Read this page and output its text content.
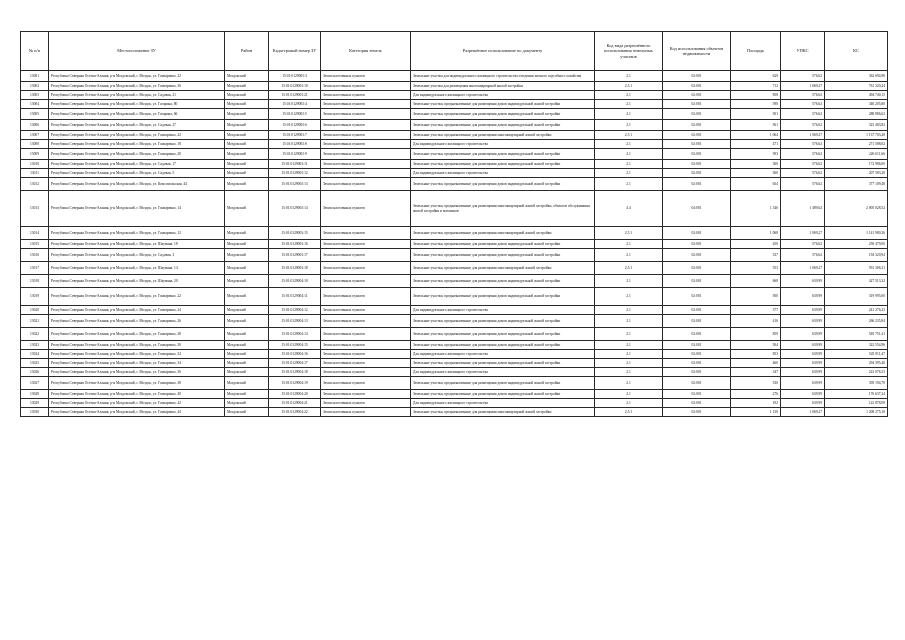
№ п/п	Местоположение ЗУ	Район	Кадастровый номер ЗУ	Категория земель	Разрешённое использование по документу	Код вида разрешённого использования земельных участков	Код использования объектов недвижимости	Площадь	УПКС	КС
13001	Республика Северная Осетия-Алания, р-н Моздокский, г. Моздок, ул. Гончаренко, 32	Моздокский	15:01:0129003:3	Земли населенных пунктов	Земельные участки для индивидуального жилищного строительства и ведения личного подсобного хозяйства	2.1	02:001	629	576,62	362 694,98
13002	Республика Северная Осетия-Алания, р-н Моздокский, г. Моздок, ул. Гончаренко, 36	Моздокский	15:01:0129003:10	Земли населенных пунктов	Земельные участки для размещения многоквартирной жилой застройки	2.5.1	02:001	712	1 069,27	761 320,24
13003	Республика Северная Осетия-Алания, р-н Моздокский, г. Моздок, ул. Садовая, 21	Моздокский	15:01:0129003:21	Земли населенных пунктов	Для индивидуального жилищного строительства	2.1	02:001	858	576,62	494 740,15
13004	Республика Северная Осетия-Алания, р-н Моздокский, г. Моздок, ул. Гагарина, 80	Моздокский	15:01:0129003:4	Земли населенных пунктов	Земельные участки, предназначенные для размещения домов индивидуальной жилой застройки	2.1	02:001	590	576,62	340 205,80
13005	Республика Северная Осетия-Алания, р-н Моздокский, г. Моздок, ул. Гагарина, 66	Моздокский	15:01:0129003:5	Земли населенных пунктов	Земельные участки, предназначенные для размещения домов индивидуальной жилой застройки	2.1	02:001	501	576,62	288 886,62
13006	Республика Северная Осетия-Алания, р-н Моздокский, г. Моздок, ул. Садовая, 27	Моздокский	15:01:0129003:6	Земли населенных пунктов	Земельные участки, предназначенные для размещения домов индивидуальной жилой застройки	2.1	02:001	561	576,62	323 483,82
13007	Республика Северная Осетия-Алания, р-н Моздокский, г. Моздок, ул. Гончаренко, 22	Моздокский	15:01:0129003:7	Земли населенных пунктов	Земельные участки, предназначенные для размещения многоквартирной жилой застройки	2.5.1	02:001	1 064	1 069,27	1 137 703,28
13008	Республика Северная Осетия-Алания, р-н Моздокский, г. Моздок, ул. Гончаренко, 18	Моздокский	15:01:0129003:8	Земли населенных пунктов	Для индивидуального жилищного строительства	2.1	02:001	471	576,62	271 588,02
13009	Республика Северная Осетия-Алания, р-н Моздокский, г. Моздок, ул. Гончаренко, 20	Моздокский	15:01:0129003:9	Земли населенных пунктов	Земельные участки, предназначенные для размещения домов индивидуальной жилой застройки	2.1	02:001	393	576,62	226 611,66
13010	Республика Северная Осетия-Алания, р-н Моздокский, г. Моздок, ул. Садовая, 17	Моздокский	15:01:0129003:11	Земли населенных пунктов	Земельные участки, предназначенные для размещения домов индивидуальной жилой застройки	2.1	02:001	300	576,62	172 986,00
13011	Республика Северная Осетия-Алания, р-н Моздокский, г. Моздок, ул. Садовая, 5	Моздокский	15:01:0129003:12	Земли населенных пунктов	Для индивидуального жилищного строительства	2.1	02:001	360	576,62	207 583,20
13012	Республика Северная Осетия-Алания, р-н Моздокский, г. Моздок, ул. Комсомольская, 44	Моздокский	15:01:0129003:13	Земли населенных пунктов	Земельные участки, предназначенные для размещения домов индивидуальной жилой застройки	2.1	02:001	654	576,62	377 109,48
13013	Республика Северная Осетия-Алания, р-н Моздокский, г. Моздок, ул. Гончаренко, 14	Моздокский	15:01:0129003:14	Земли населенных пунктов	Земельные участки, предназначенные для размещения многоквартирной жилой застройки, объектов обслуживания жилой застройки и магазинов	4.4	04:001	1 346	1 489,62	2 005 028,52
13014	Республика Северная Осетия-Алания, р-н Моздокский, г. Моздок, ул. Гончаренко, 12	Моздокский	15:01:0129003:15	Земли населенных пунктов	Земельные участки, предназначенные для размещения многоквартирной жилой застройки	2.5.1	02:001	1 068	1 069,27	1 141 980,36
13015	Республика Северная Осетия-Алания, р-н Моздокский, г. Моздок, ул. Шаумяна, 18	Моздокский	15:01:0129003:16	Земли населенных пунктов	Земельные участки, предназначенные для размещения домов индивидуальной жилой застройки	2.1	02:001	450	576,62	259 479,00
13016	Республика Северная Осетия-Алания, р-н Моздокский, г. Моздок, ул. Садовая, 3	Моздокский	15:01:0129003:17	Земли населенных пунктов	Земельные участки, предназначенные для размещения домов индивидуальной жилой застройки	2.1	02:001	337	576,62	194 320,94
13017	Республика Северная Осетия-Алания, р-н Моздокский, г. Моздок, ул. Шаумяна, 14	Моздокский	15:01:0129003:18	Земли населенных пунктов	Земельные участки, предназначенные для размещения многоквартирной жилой застройки	2.5.1	02:001	553	1 069,27	591 306,31
13018	Республика Северная Осетия-Алания, р-н Моздокский, г. Моздок, ул. Шаумяна, 20	Моздокский	15:01:0129004:10	Земли населенных пунктов	Земельные участки, предназначенные для размещения домов индивидуальной жилой застройки	2.1	02:001	668	639,99	427 513,32
13019	Республика Северная Осетия-Алания, р-н Моздокский, г. Моздок, ул. Гончаренко, 22	Моздокский	15:01:0129004:11	Земли населенных пунктов	Земельные участки, предназначенные для размещения домов индивидуальной жилой застройки	2.1	02:001	500	639,99	319 995,00
13020	Республика Северная Осетия-Алания, р-н Моздокский, г. Моздок, ул. Гончаренко, 24	Моздокский	15:01:0129004:12	Земли населенных пунктов	Для индивидуального жилищного строительства	2.1	02:001	377	639,99	241 276,23
13021	Республика Северная Осетия-Алания, р-н Моздокский, г. Моздок, ул. Гончаренко, 26	Моздокский	15:01:0129004:13	Земли населенных пунктов	Земельные участки, предназначенные для размещения домов индивидуальной жилой застройки	2.1	02:001	416	639,99	266 235,84
13022	Республика Северная Осетия-Алания, р-н Моздокский, г. Моздок, ул. Гончаренко, 28	Моздокский	15:01:0129004:14	Земли населенных пунктов	Земельные участки, предназначенные для размещения домов индивидуальной жилой застройки	2.1	02:001	859	639,99	549 751,41
13023	Республика Северная Осетия-Алания, р-н Моздокский, г. Моздок, ул. Гончаренко, 30	Моздокский	15:01:0129004:15	Земли населенных пунктов	Земельные участки, предназначенные для размещения домов индивидуальной жилой застройки	2.1	02:001	504	639,99	322 554,96
13024	Республика Северная Осетия-Алания, р-н Моздокский, г. Моздок, ул. Гончаренко, 32	Моздокский	15:01:0129004:16	Земли населенных пунктов	Для индивидуального жилищного строительства	2.1	02:001	853	639,99	545 911,47
13025	Республика Северная Осетия-Алания, р-н Моздокский, г. Моздок, ул. Гончаренко, 34	Моздокский	15:01:0129004:17	Земли населенных пунктов	Земельные участки, предназначенные для размещения домов индивидуальной жилой застройки	2.1	02:001	460	639,99	294 395,40
13026	Республика Северная Осетия-Алания, р-н Моздокский, г. Моздок, ул. Гончаренко, 36	Моздокский	15:01:0129004:18	Земли населенных пунктов	Для индивидуального жилищного строительства	2.1	02:001	347	639,99	222 076,53
13027	Республика Северная Осетия-Алания, р-н Моздокский, г. Моздок, ул. Гончаренко, 38	Моздокский	15:01:0129004:19	Земли населенных пунктов	Земельные участки, предназначенные для размещения домов индивидуальной жилой застройки	2.1	02:001	530	639,99	339 194,70
13028	Республика Северная Осетия-Алания, р-н Моздокский, г. Моздок, ул. Гончаренко, 40	Моздокский	15:01:0129004:20	Земли населенных пунктов	Земельные участки, предназначенные для размещения домов индивидуальной жилой застройки	2.1	02:001	276	639,99	176 637,24
13029	Республика Северная Осетия-Алания, р-н Моздокский, г. Моздок, ул. Гончаренко, 42	Моздокский	15:01:0129004:21	Земли населенных пунктов	Для индивидуального жилищного строительства	2.1	02:001	192	639,99	122 878,08
13030	Республика Северная Осетия-Алания, р-н Моздокский, г. Моздок, ул. Гончаренко, 44	Моздокский	15:01:0129004:22	Земли населенных пунктов	Земельные участки, предназначенные для размещения многоквартирной жилой застройки	2.5.1	02:001	1 130	1 069,27	1 208 275,10
